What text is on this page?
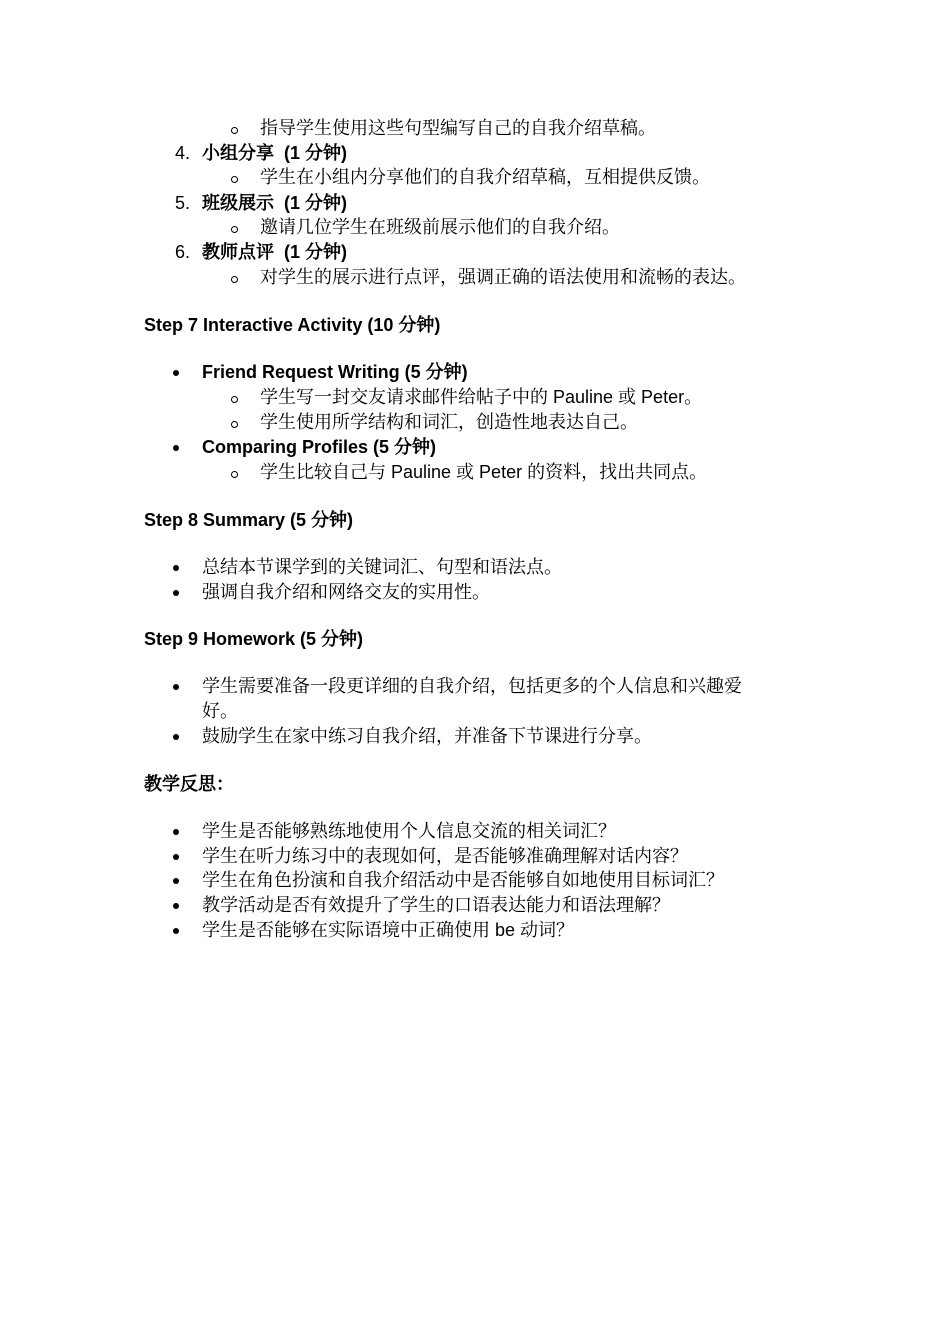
指导学生使用这些句型编写自己的自我介绍草稿。
4. 小组分享 (1 分钟)
学生在小组内分享他们的自我介绍草稿，互相提供反馈。
5. 班级展示 (1 分钟)
邀请几位学生在班级前展示他们的自我介绍。
6. 教师点评 (1 分钟)
对学生的展示进行点评，强调正确的语法使用和流畅的表达。
Step 7 Interactive Activity (10 分钟)
Friend Request Writing (5 分钟)
学生写一封交友请求邮件给帖子中的 Pauline 或 Peter。
学生使用所学结构和词汇，创造性地表达自己。
Comparing Profiles (5 分钟)
学生比较自己与 Pauline 或 Peter 的资料，找出共同点。
Step 8 Summary (5 分钟)
总结本节课学到的关键词汇、句型和语法点。
强调自我介绍和网络交友的实用性。
Step 9 Homework (5 分钟)
学生需要准备一段更详细的自我介绍，包括更多的个人信息和兴趣爱
好。
鼓励学生在家中练习自我介绍，并准备下节课进行分享。
教学反思：
学生是否能够熟练地使用个人信息交流的相关词汇？
学生在听力练习中的表现如何，是否能够准确理解对话内容？
学生在角色扮演和自我介绍活动中是否能够自如地使用目标词汇？
教学活动是否有效提升了学生的口语表达能力和语法理解？
学生是否能够在实际语境中正确使用 be 动词？
